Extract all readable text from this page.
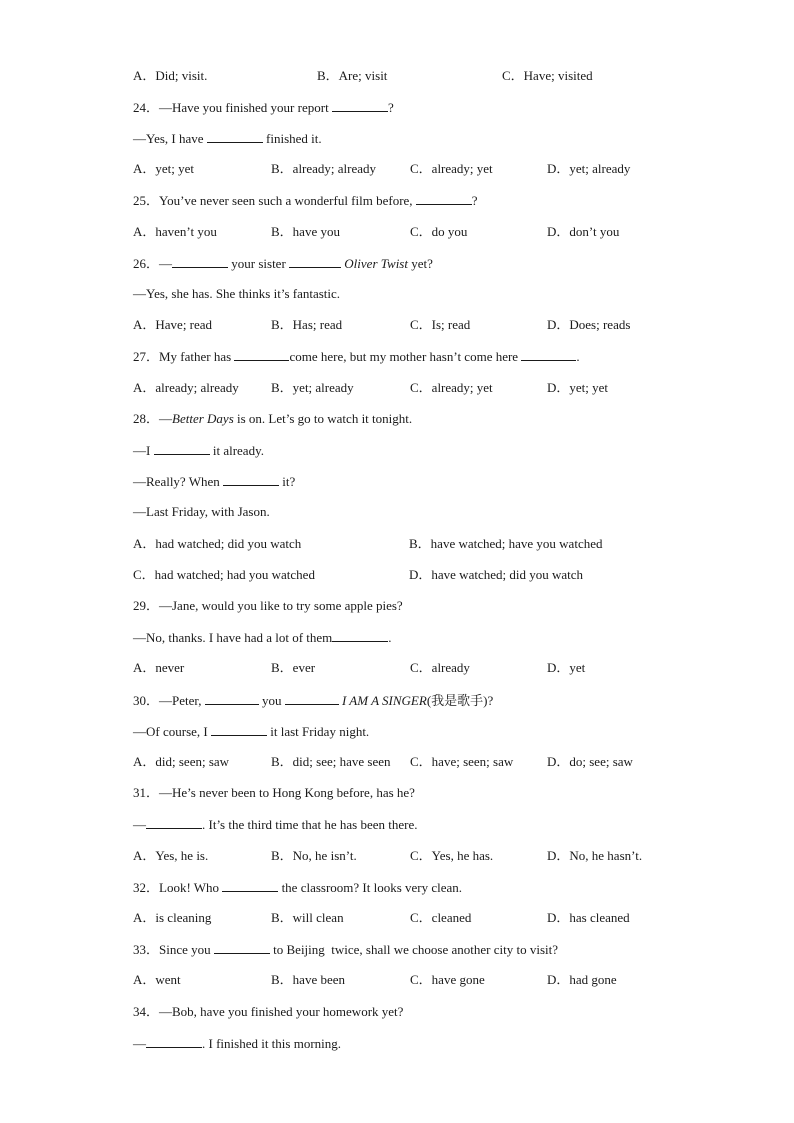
A．Did; visit.	B．Are; visit	C．Have; visited
24．—Have you finished your report	?
—Yes, I have	finished it.
A．yet; yet	B．already; already	C．already; yet	D．yet; already
25．You’ve never seen such a wonderful film before,	?
A．haven’t you	B．have you	C．do you	D．don’t you
26．—	your sister	Oliver Twist yet?
—Yes, she has. She thinks it’s fantastic.
A．Have; read	B．Has; read	C．Is; read	D．Does; reads
27．My father has	come here, but my mother hasn’t come here	.
A．already; already B．yet; already	C．already; yet	D．yet; yet
28．—Better Days is on. Let’s go to watch it tonight.
—I	it already.
—Really? When	it?
—Last Friday, with Jason.
A．had watched; did you watch	B．have watched; have you watched
C．had watched; had you watched	D．have watched; did you watch
29．—Jane, would you like to try some apple pies?
—No, thanks. I have had a lot of them	.
A．never	B．ever	C．already	D．yet
30．—Peter,	you	I AM A SINGER(我是歌手)?
—Of course, I	it last Friday night.
A．did; seen; saw	B．did; see; have seen C．have; seen; saw	D．do; see; saw
31．—He’s never been to Hong Kong before, has he?
—	. It’s the third time that he has been there.
A．Yes, he is.	B．No, he isn’t.	C．Yes, he has.	D．No, he hasn’t.
32．Look! Who	the classroom? It looks very clean.
A．is cleaning	B．will clean	C．cleaned	D．has cleaned
33．Since you	to Beijing  twice, shall we choose another city to visit?
A．went	B．have been	C．have gone	D．had gone
34．—Bob, have you finished your homework yet?
—	. I finished it this morning.
